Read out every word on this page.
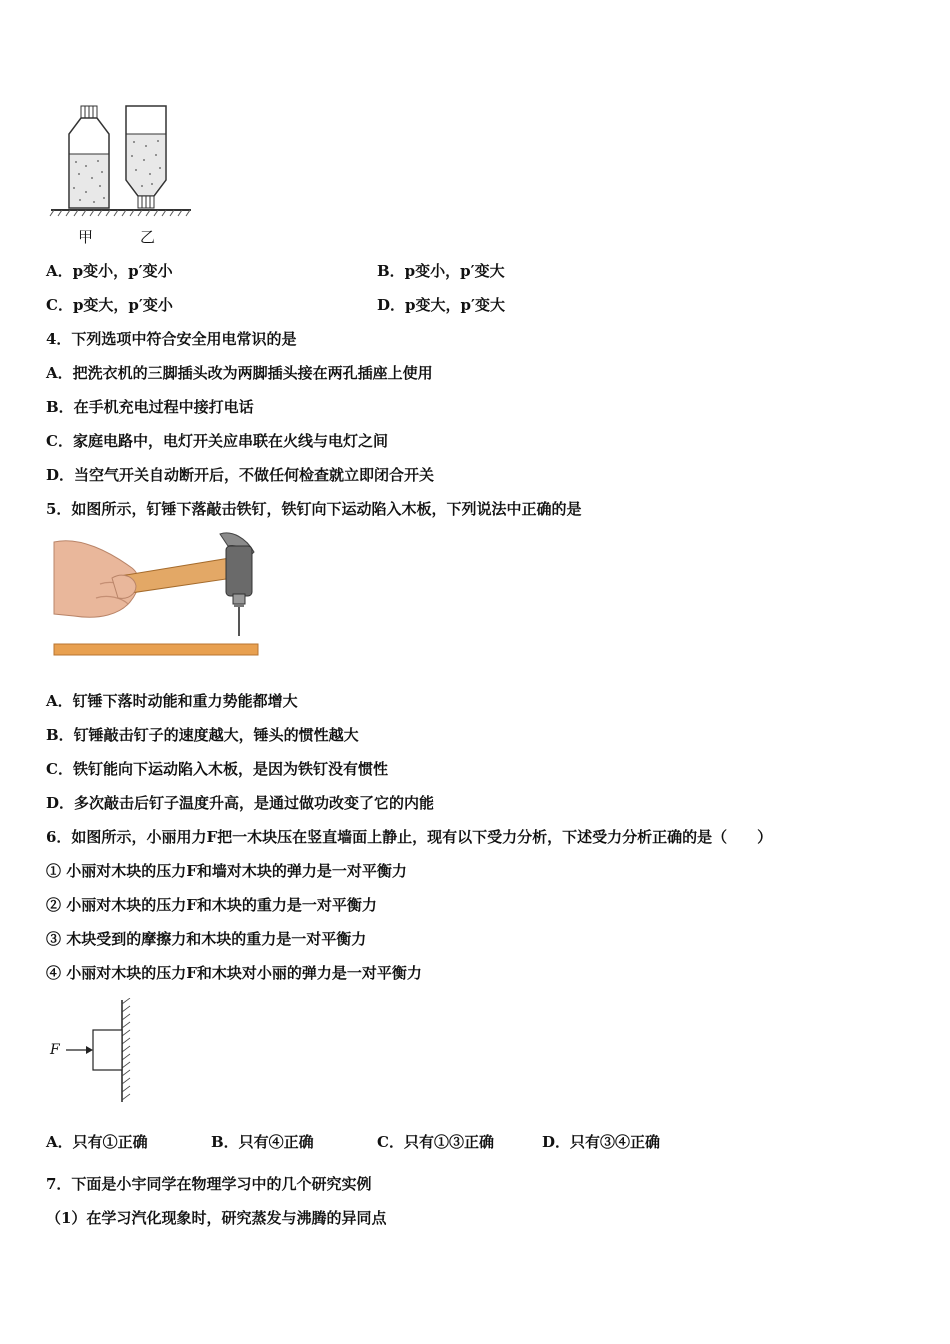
甲	乙
A．p变小，p′变小	B．p变小，p′变大
C．p变大，p′变小	D．p变大，p′变大
4．下列选项中符合安全用电常识的是
A．把洗衣机的三脚插头改为两脚插头接在两孔插座上使用
B．在手机充电过程中接打电话
C．家庭电路中，电灯开关应串联在火线与电灯之间
D．当空气开关自动断开后，不做任何检查就立即闭合开关
5．如图所示，钉锤下落敲击铁钉，铁钉向下运动陷入木板，下列说法中正确的是
A．钉锤下落时动能和重力势能都增大
B．钉锤敲击钉子的速度越大，锤头的惯性越大
C．铁钉能向下运动陷入木板，是因为铁钉没有惯性
D．多次敲击后钉子温度升高，是通过做功改变了它的内能
6．如图所示，小丽用力F把一木块压在竖直墙面上静止，现有以下受力分析，下述受力分析正确的是（　　）
① 小丽对木块的压力F和墙对木块的弹力是一对平衡力
② 小丽对木块的压力F和木块的重力是一对平衡力
③ 木块受到的摩擦力和木块的重力是一对平衡力
④ 小丽对木块的压力F和木块对小丽的弹力是一对平衡力
F
A．只有①正确	B．只有④正确	C．只有①③正确	D．只有③④正确
7．下面是小宇同学在物理学习中的几个研究实例
（1）在学习汽化现象时，研究蒸发与沸腾的异同点
